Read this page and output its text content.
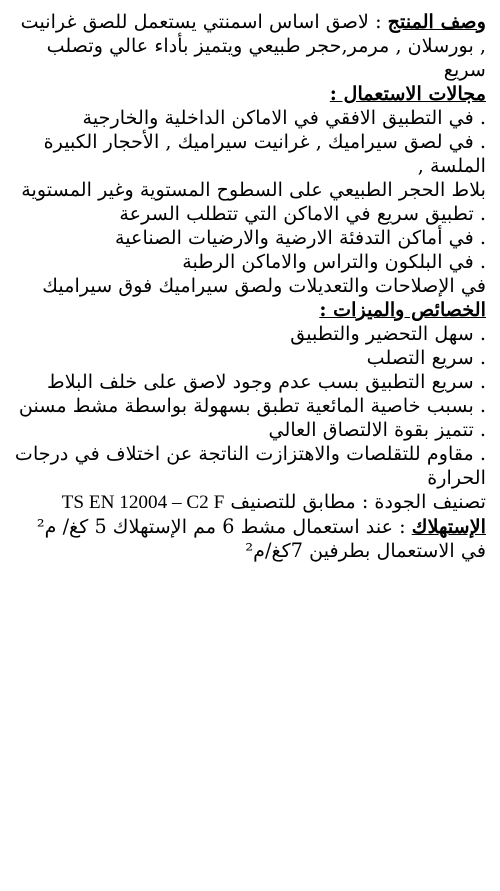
وصف المنتج : لاصق اساس اسمنتي يستعمل للصق غرانيت , بورسلان , مرمر,حجر طبيعي ويتميز بأداء عالي وتصلب سريع

مجالات الاستعمال :

. في التطبيق الافقي في الاماكن الداخلية والخارجية

. في لصق سيراميك , غرانيت سيراميك , الأحجار الكبيرة الملسة ,

بلاط الحجر الطبيعي على السطوح المستوية وغير المستوية

. تطبيق سريع في الاماكن التي تتطلب السرعة

. في أماكن التدفئة الارضية والارضيات الصناعية

. في البلكون والتراس والاماكن الرطبة

في الإصلاحات والتعديلات ولصق سيراميك فوق سيراميك

الخصائص والميزات :

. سهل التحضير والتطبيق

. سريع التصلب

. سريع التطبيق بسب عدم وجود لاصق على خلف البلاط

. بسبب خاصية المائعية تطبق بسهولة بواسطة مشط مسنن

. تتميز بقوة الالتصاق العالي

. مقاوم للتقلصات والاهتزازت الناتجة عن اختلاف في درجات الحرارة

تصنيف الجودة : مطابق للتصنيف TS EN 12004 – C2 F

الإستهلاك : عند استعمال مشط 6 مم الإستهلاك 5 كغ/ م²

في الاستعمال بطرفين 7كغ/م²
